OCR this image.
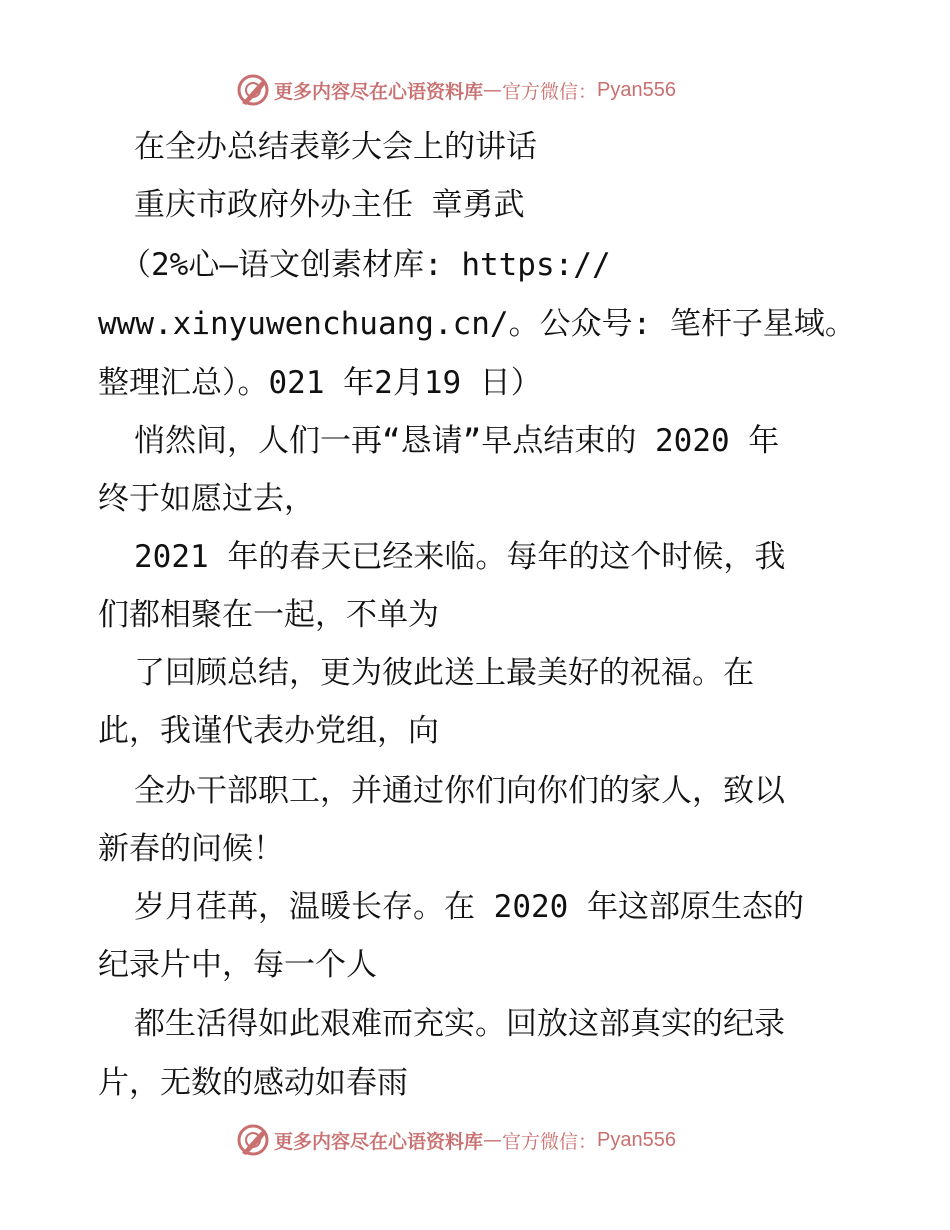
更多内容尽在心语资料库 — 官方微信： Pyan556
在全办总结表彰大会上的讲话
重庆市政府外办主任 章勇武
（2%心—语文创素材库: https://
www.xinyuwenchuang.cn/。公众号: 笔杆子星域。
整理汇总）。021 年2月19 日）
悄然间，人们一再“恳请”早点结束的 2020 年
终于如愿过去，
2021 年的春天已经来临。每年的这个时候，我
们都相聚在一起，不单为
了回顾总结，更为彼此送上最美好的祝福。在
此，我谨代表办党组，向
全办干部职工，并通过你们向你们的家人，致以
新春的问候！
岁月荏苒，温暖长存。在 2020 年这部原生态的
纪录片中，每一个人
都生活得如此艰难而充实。回放这部真实的纪录
片，无数的感动如春雨
更多内容尽在心语资料库 — 官方微信： Pyan556
